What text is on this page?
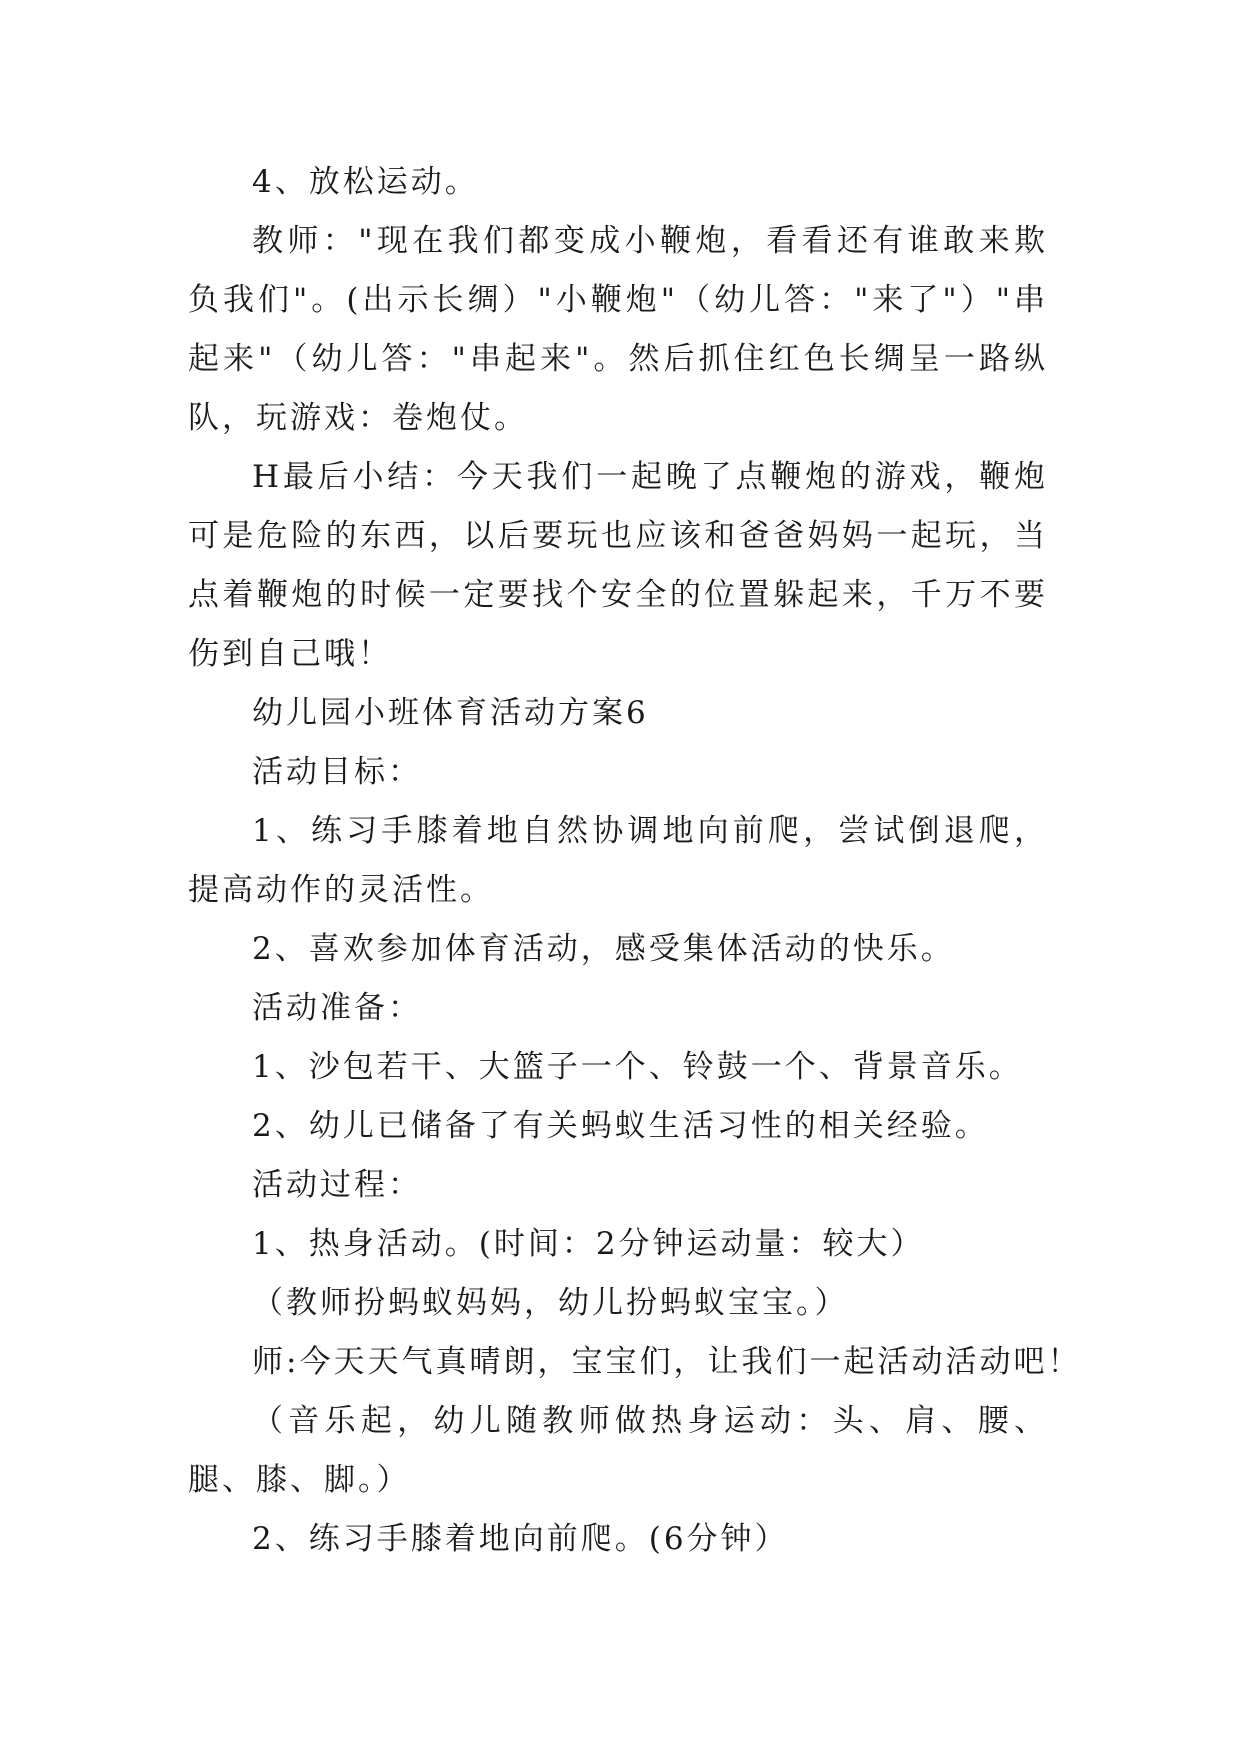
4、放松运动。

教师："现在我们都变成小鞭炮，看看还有谁敢来欺负我们"。(出示长绸）"小鞭炮"（幼儿答："来了"）"串起来"（幼儿答："串起来"。然后抓住红色长绸呈一路纵队，玩游戏：卷炮仗。

H最后小结：今天我们一起晚了点鞭炮的游戏，鞭炮可是危险的东西，以后要玩也应该和爸爸妈妈一起玩，当点着鞭炮的时候一定要找个安全的位置躲起来，千万不要伤到自己哦！

幼儿园小班体育活动方案6

活动目标：

1、练习手膝着地自然协调地向前爬，尝试倒退爬，提高动作的灵活性。

2、喜欢参加体育活动，感受集体活动的快乐。

活动准备：

1、沙包若干、大篮子一个、铃鼓一个、背景音乐。

2、幼儿已储备了有关蚂蚁生活习性的相关经验。

活动过程：

1、热身活动。(时间：2分钟运动量：较大）

（教师扮蚂蚁妈妈，幼儿扮蚂蚁宝宝。）

师:今天天气真晴朗，宝宝们，让我们一起活动活动吧！

（音乐起，幼儿随教师做热身运动：头、肩、腰、腿、膝、脚。）

2、练习手膝着地向前爬。(6分钟）
